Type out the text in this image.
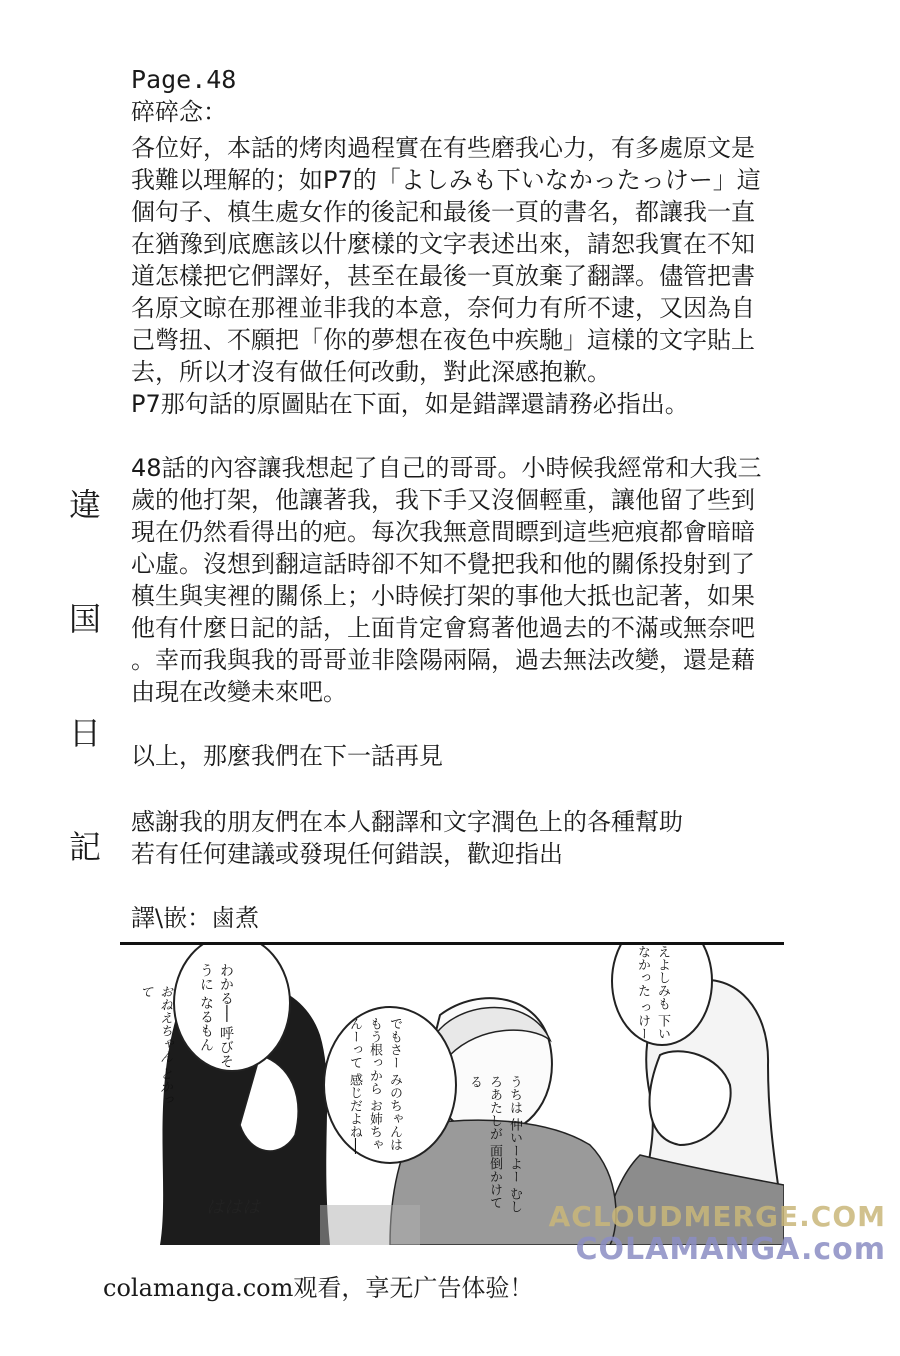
Page.48

碎碎念：

各位好，本話的烤肉過程實在有些磨我心力，有多處原文是
我難以理解的；如P7的「よしみも下いなかったっけー」這
個句子、槙生處女作的後記和最後一頁的書名，都讓我一直
在猶豫到底應該以什麼樣的文字表述出來，請恕我實在不知
道怎樣把它們譯好，甚至在最後一頁放棄了翻譯。儘管把書
名原文晾在那裡並非我的本意，奈何力有所不逮，又因為自
己彆扭、不願把「你的夢想在夜色中疾馳」這樣的文字貼上
去，所以才沒有做任何改動，對此深感抱歉。
P7那句話的原圖貼在下面，如是錯譯還請務必指出。

48話的內容讓我想起了自己的哥哥。小時候我經常和大我三
歲的他打架，他讓著我，我下手又沒個輕重，讓他留了些到
現在仍然看得出的疤。每次我無意間瞟到這些疤痕都會暗暗
心虛。沒想到翻這話時卻不知不覺把我和他的關係投射到了
槙生與実裡的關係上；小時候打架的事他大抵也記著，如果
他有什麼日記的話，上面肯定會寫著他過去的不滿或無奈吧
。幸而我與我的哥哥並非陰陽兩隔，過去無法改變，還是藉
由現在改變未來吧。

以上，那麼我們在下一話再見

感謝我的朋友們在本人翻譯和文字潤色上的各種幫助
若有任何建議或發現任何錯誤，歡迎指出

譯\嵌：鹵煮

違
国
日
記
わかる── 呼びそうに なるもん
でもさー みのちゃんは もう根っから お姉ちゃんーって 感じだよね──
えよしみも 下いなかった っけー
うちは 仲いーよー むしろあたしが 面倒かけてる
おねえちゃん とかって
ははは	ACLOUDMERGE.COM
COLAMANGA.com
colamanga.com观看，享无广告体验！
